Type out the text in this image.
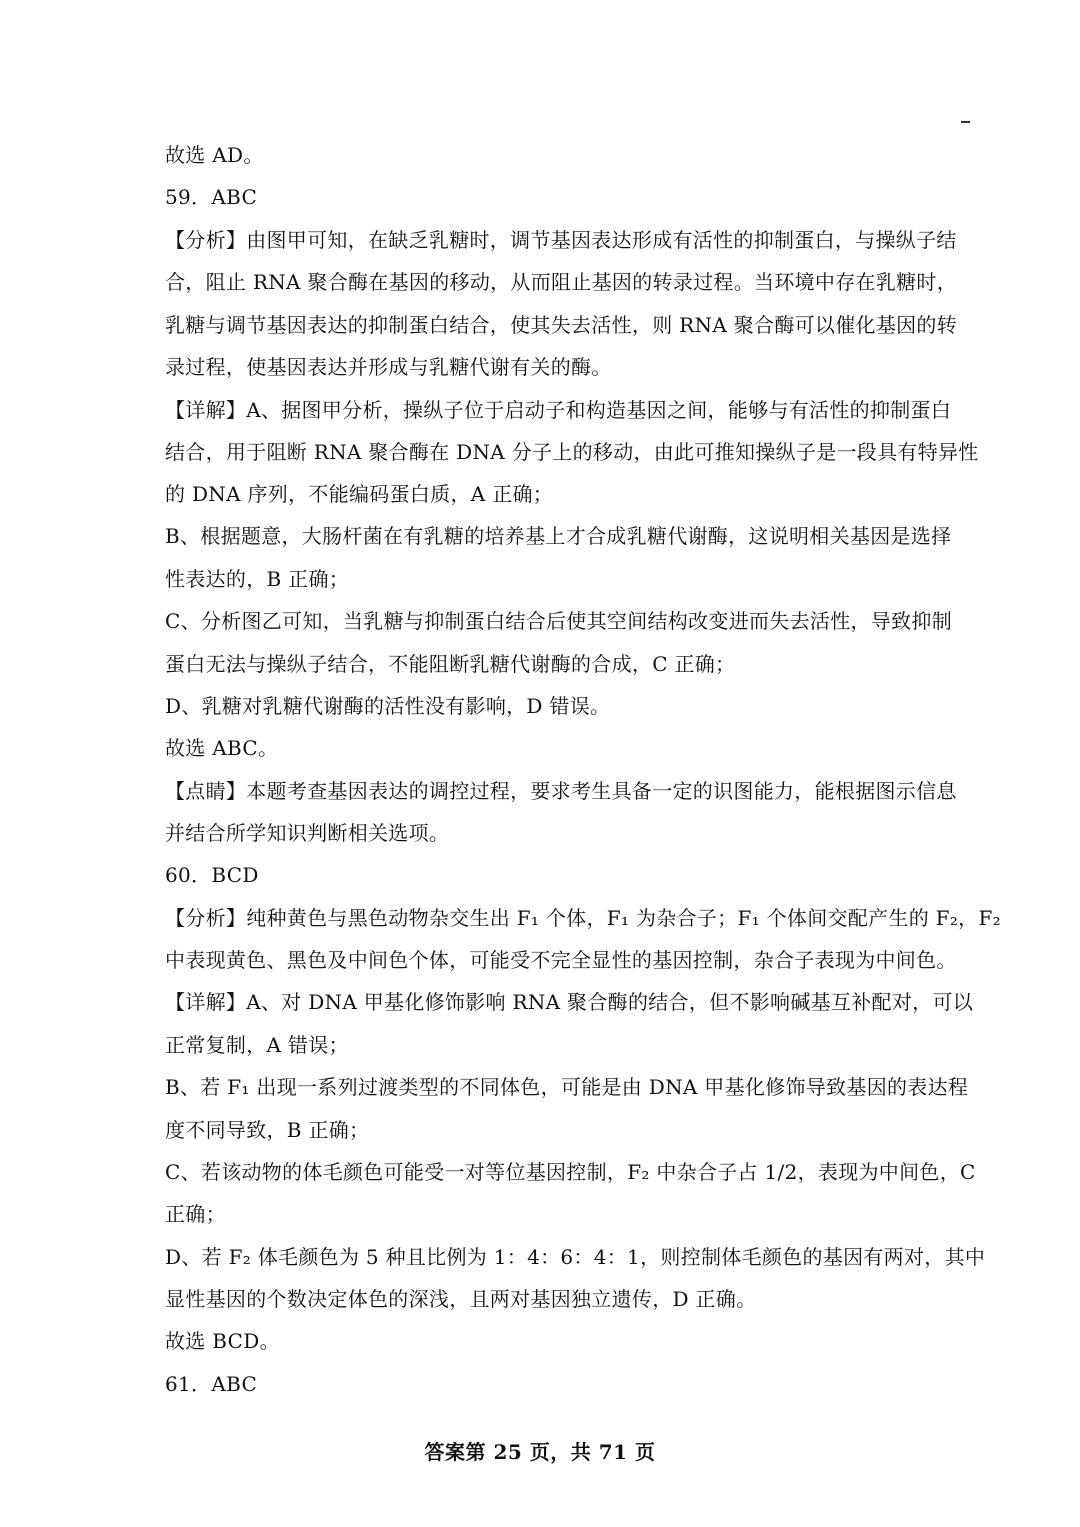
故选 AD。
59．ABC
【分析】由图甲可知，在缺乏乳糖时，调节基因表达形成有活性的抑制蛋白，与操纵子结
合，阻止 RNA 聚合酶在基因的移动，从而阻止基因的转录过程。当环境中存在乳糖时，
乳糖与调节基因表达的抑制蛋白结合，使其失去活性，则 RNA 聚合酶可以催化基因的转
录过程，使基因表达并形成与乳糖代谢有关的酶。
【详解】A、据图甲分析，操纵子位于启动子和构造基因之间，能够与有活性的抑制蛋白
结合，用于阻断 RNA 聚合酶在 DNA 分子上的移动，由此可推知操纵子是一段具有特异性
的 DNA 序列，不能编码蛋白质，A 正确；
B、根据题意，大肠杆菌在有乳糖的培养基上才合成乳糖代谢酶，这说明相关基因是选择
性表达的，B 正确；
C、分析图乙可知，当乳糖与抑制蛋白结合后使其空间结构改变进而失去活性，导致抑制
蛋白无法与操纵子结合，不能阻断乳糖代谢酶的合成，C 正确；
D、乳糖对乳糖代谢酶的活性没有影响，D 错误。
故选 ABC。
【点睛】本题考查基因表达的调控过程，要求考生具备一定的识图能力，能根据图示信息
并结合所学知识判断相关选项。
60．BCD
【分析】纯种黄色与黑色动物杂交生出 F₁ 个体，F₁ 为杂合子；F₁ 个体间交配产生的 F₂，F₂
中表现黄色、黑色及中间色个体，可能受不完全显性的基因控制，杂合子表现为中间色。
【详解】A、对 DNA 甲基化修饰影响 RNA 聚合酶的结合，但不影响碱基互补配对，可以
正常复制，A 错误；
B、若 F₁ 出现一系列过渡类型的不同体色，可能是由 DNA 甲基化修饰导致基因的表达程
度不同导致，B 正确；
C、若该动物的体毛颜色可能受一对等位基因控制，F₂ 中杂合子占 1/2，表现为中间色，C
正确；
D、若 F₂ 体毛颜色为 5 种且比例为 1：4：6：4：1，则控制体毛颜色的基因有两对，其中
显性基因的个数决定体色的深浅，且两对基因独立遗传，D 正确。
故选 BCD。
61．ABC
答案第 25 页，共 71 页
